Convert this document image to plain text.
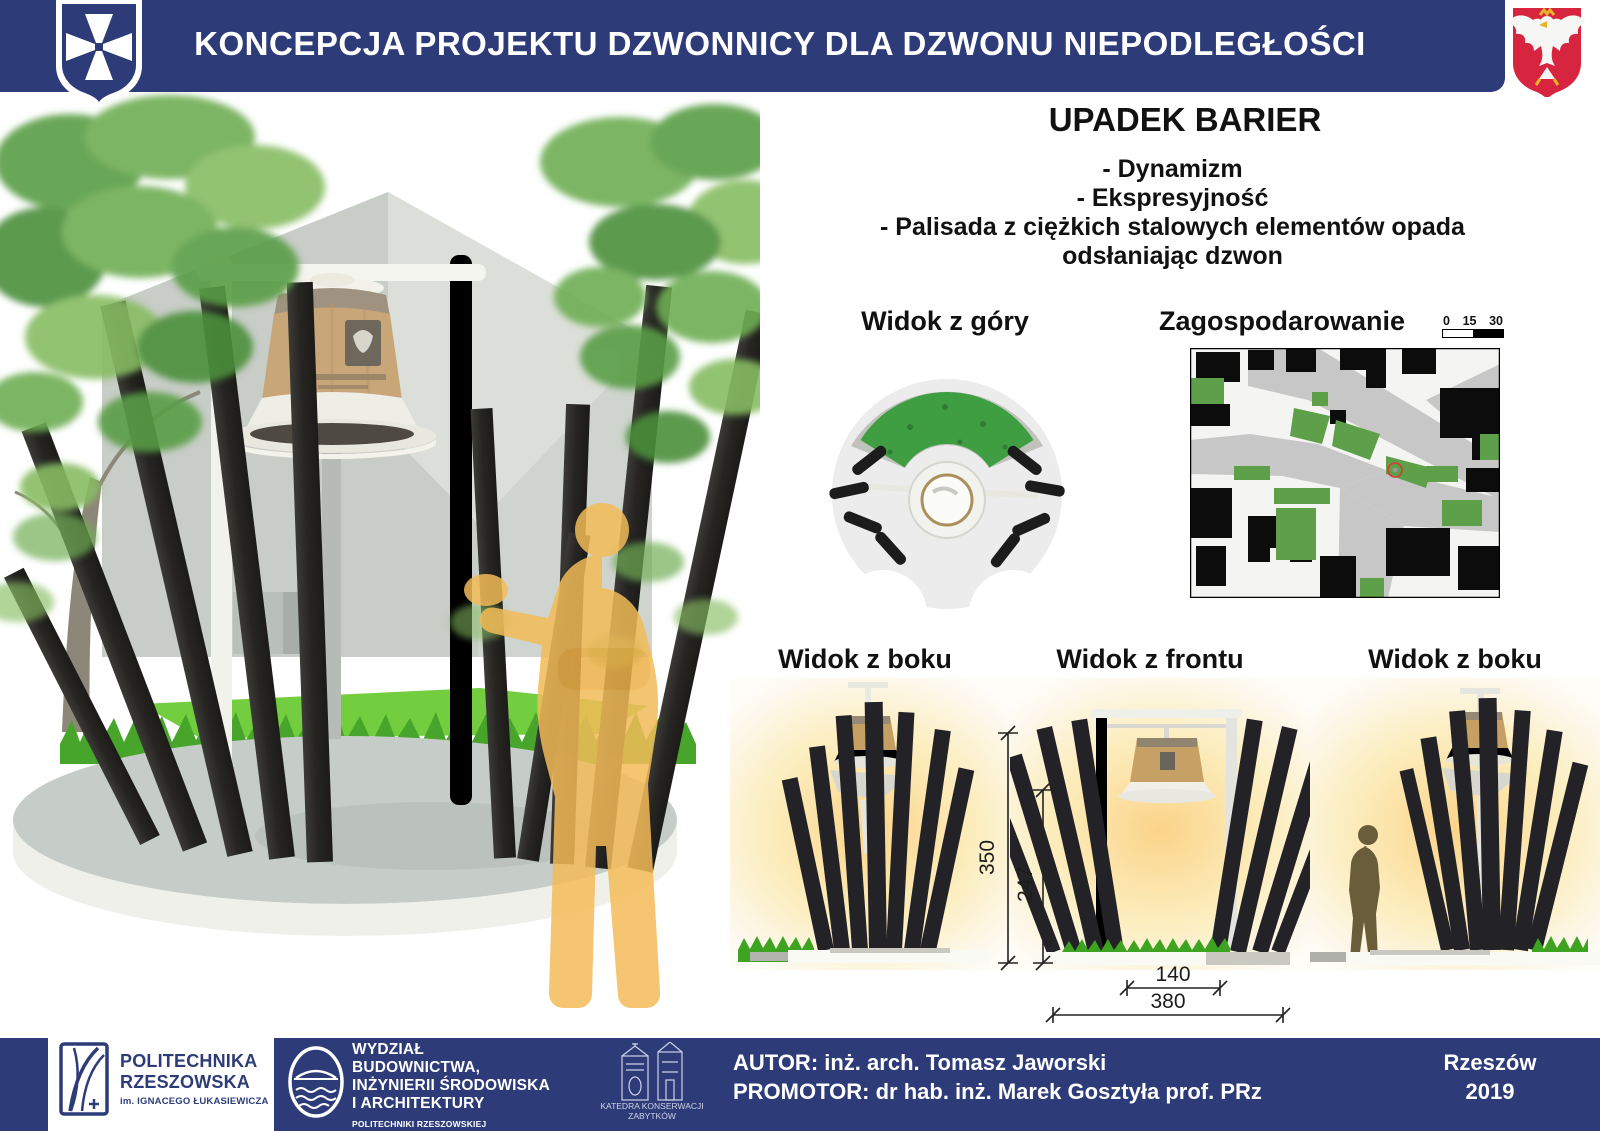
KONCEPCJA PROJEKTU DZWONNICY DLA DZWONU NIEPODLEGŁOŚCI
UPADEK BARIER
- Dynamizm
- Ekspresyjność
- Palisada z ciężkich stalowych elementów opada
odsłaniając dzwon
Widok z góry	Zagospodarowanie	0 15 30
Widok z boku	Widok z frontu	Widok z boku
350
247
140
380
POLITECHNIKA
RZESZOWSKA
im. IGNACEGO ŁUKASIEWICZA
WYDZIAŁ
BUDOWNICTWA,
INŻYNIERII ŚRODOWISKA
I ARCHITEKTURY
POLITECHNIKI RZESZOWSKIEJ
KATEDRA KONSERWACJI
ZABYTKÓW
AUTOR: inż. arch. Tomasz Jaworski
PROMOTOR: dr hab. inż. Marek Gosztyła prof. PRz
Rzeszów
2019
